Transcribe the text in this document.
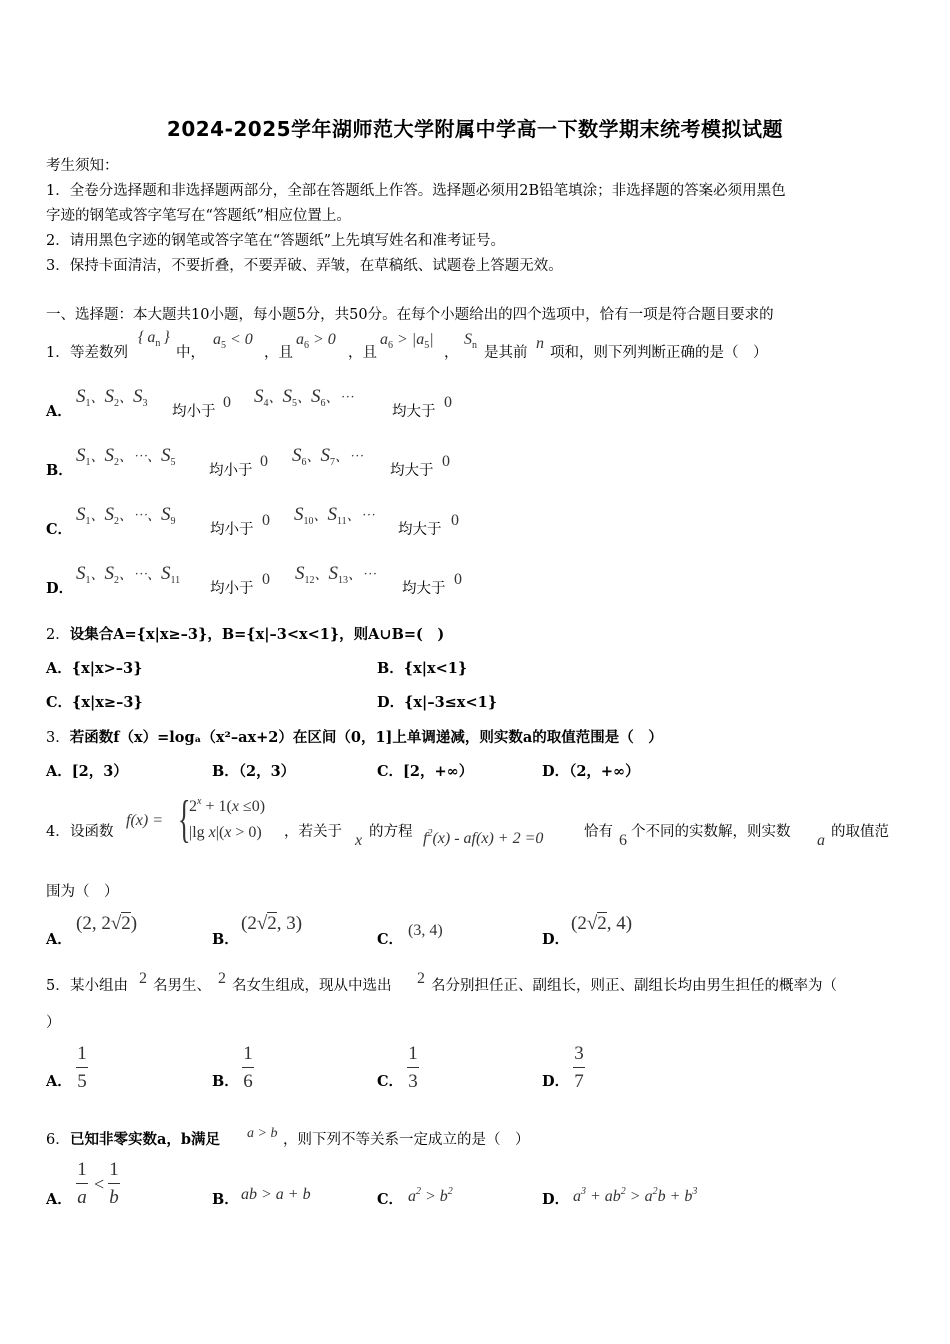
2024-2025学年湖师范大学附属中学高一下数学期末统考模拟试题
考生须知：
1．全卷分选择题和非选择题两部分，全部在答题纸上作答。选择题必须用2B铅笔填涂；非选择题的答案必须用黑色
字迹的钢笔或答字笔写在“答题纸”相应位置上。
2．请用黑色字迹的钢笔或答字笔在“答题纸”上先填写姓名和准考证号。
3．保持卡面清洁，不要折叠，不要弄破、弄皱，在草稿纸、试题卷上答题无效。
一、选择题：本大题共10小题，每小题5分，共50分。在每个小题给出的四个选项中，恰有一项是符合题目要求的
1． 等差数列
{ $a_n$ }
中，
$a_5 < 0$
，且
$a_6 > 0$
，且
$a_6 > |a_5|$
，
$S_n$ 是其前
n
项和，则下列判断正确的是（　）
A．
$S_1$、$S_2$、$S_3$
均小于
0 $S_4$、$S_5$、$S_6$、⋯
均大于
0
B．
$S_1$、$S_2$、⋯、$S_5$
均小于
0 $S_6$、$S_7$、⋯
均大于
0
C．
$S_1$、$S_2$、⋯、$S_9$
均小于
0 $S_{10}$、$S_{11}$、⋯
均大于
0
D．
$S_1$、$S_2$、⋯、$S_{11}$
均小于
0 $S_{12}$、$S_{13}$、⋯
均大于
0
2．设集合A={x|x≥–3}，B={x|–3<x<1}，则A∪B=(　)
A．{x|x>–3}	B．{x|x<1}
C．{x|x≥–3}	D．{x|–3≤x<1}
3．若函数f（x）=logₐ（x²–ax+2）在区间（0，1]上单调递减，则实数a的取值范围是（　）
A．[2，3）	B．（2，3）	C．[2，+∞）	D．（2，+∞）
4． 设函数
f(x) = {
$2^x + 1(x \le 0)$
|lg x|(x > 0) ，若关于 x 的方程 $f^2(x) - af(x) + 2 =0$	恰有 6 个不同的实数解，则实数 a 的取值范
围为（　）
A．
(2, 2√2)
B．
(2√2, 3)
C．
(3, 4)
D．
(2√2, 4)
5． 某小组由 2 名男生、 2 名女生组成，现从中选出 2 名分别担任正、副组长，则正、副组长均由男生担任的概率为（
）
A．
1
5	B．
1
6	C．
1
3	D．
3
7
6． 已知非零实数a，b满足 a > b ，则下列不等关系一定成立的是（　）
A．
1
a
<
1
b	B． ab > a + b	C． $a^2 > b^2$	D． $a^3 + ab^2 > a^2b + b^3$
